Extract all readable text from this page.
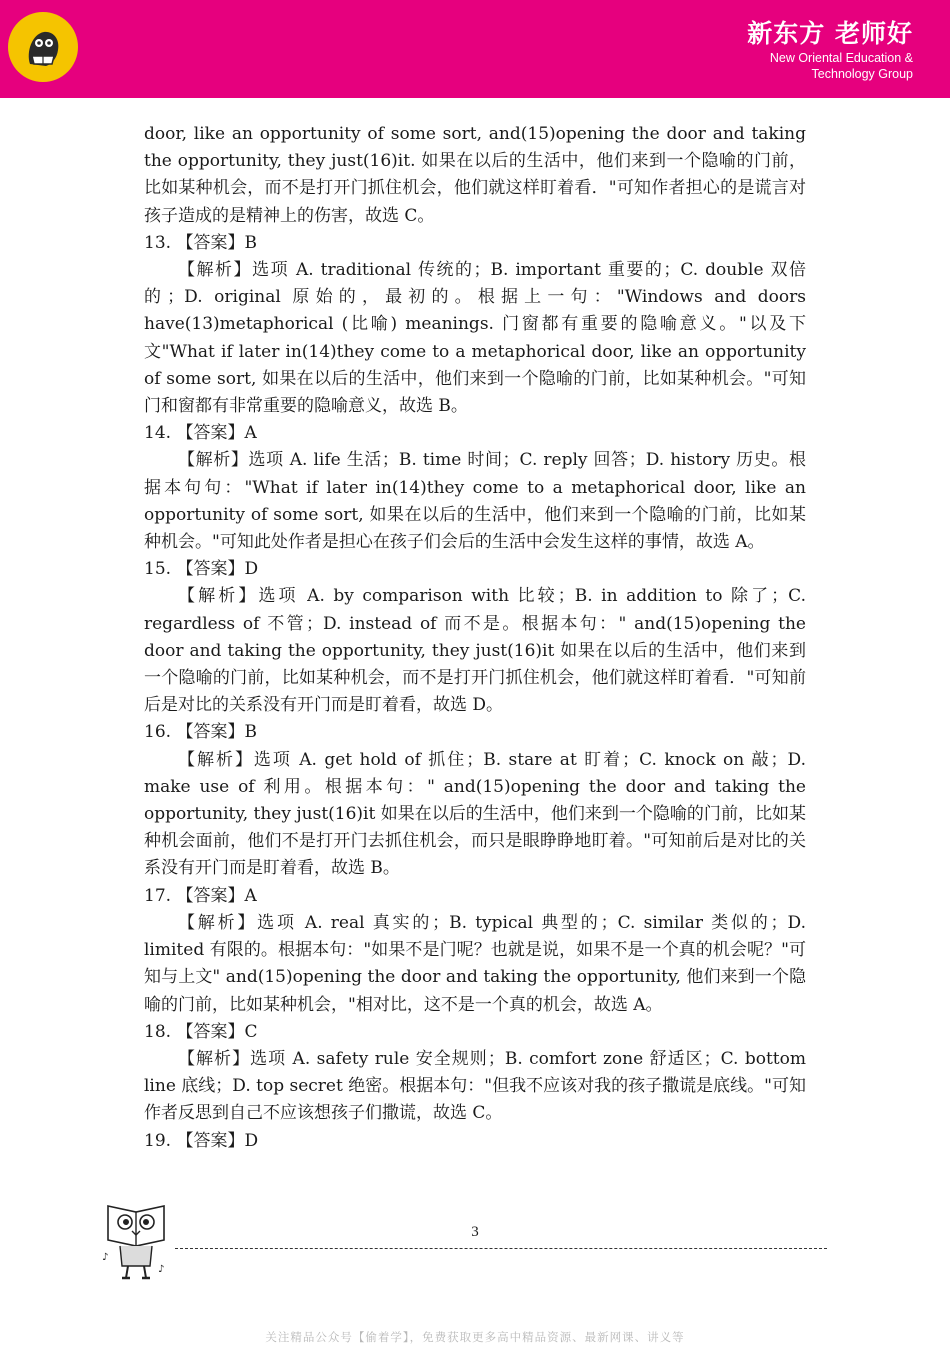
新东方 老师好
New Oriental Education &
Technology Group

door, like an opportunity of some sort, and(15)opening the door and taking the opportunity, they just(16)it. 如果在以后的生活中，他们来到一个隐喻的门前，比如某种机会，而不是打开门抓住机会，他们就这样盯着看．"可知作者担心的是谎言对孩子造成的是精神上的伤害，故选 C。

13. 【答案】B

【解析】选项 A. traditional 传统的；B. important 重要的；C. double 双倍的；D. original 原始的，最初的。根据上一句："Windows and doors have(13)metaphorical (比喻) meanings. 门窗都有重要的隐喻意义。"以及下文"What if later in(14)they come to a metaphorical door, like an opportunity of some sort, 如果在以后的生活中，他们来到一个隐喻的门前，比如某种机会。"可知门和窗都有非常重要的隐喻意义，故选 B。

14. 【答案】A

【解析】选项 A. life 生活；B. time 时间；C. reply 回答；D. history 历史。根据本句句："What if later in(14)they come to a metaphorical door, like an opportunity of some sort, 如果在以后的生活中，他们来到一个隐喻的门前，比如某种机会。"可知此处作者是担心在孩子们会后的生活中会发生这样的事情，故选 A。

15. 【答案】D

【解析】选项 A. by comparison with 比较；B. in addition to 除了；C. regardless of 不管；D. instead of 而不是。根据本句：" and(15)opening the door and taking the opportunity, they just(16)it 如果在以后的生活中，他们来到一个隐喻的门前，比如某种机会，而不是打开门抓住机会，他们就这样盯着看．"可知前后是对比的关系没有开门而是盯着看，故选 D。

16. 【答案】B

【解析】选项 A. get hold of 抓住；B. stare at 盯着；C. knock on 敲；D. make use of 利用。根据本句：" and(15)opening the door and taking the opportunity, they just(16)it 如果在以后的生活中，他们来到一个隐喻的门前，比如某种机会面前，他们不是打开门去抓住机会，而只是眼睁睁地盯着。"可知前后是对比的关系没有开门而是盯着看，故选 B。

17. 【答案】A

【解析】选项 A. real 真实的；B. typical 典型的；C. similar 类似的；D. limited 有限的。根据本句："如果不是门呢？也就是说，如果不是一个真的机会呢？"可知与上文" and(15)opening the door and taking the opportunity, 他们来到一个隐喻的门前，比如某种机会，"相对比，这不是一个真的机会，故选 A。

18. 【答案】C

【解析】选项 A. safety rule 安全规则；B. comfort zone 舒适区；C. bottom line 底线；D. top secret 绝密。根据本句："但我不应该对我的孩子撒谎是底线。"可知作者反思到自己不应该想孩子们撒谎，故选 C。

19. 【答案】D

♪
♪
3
关注精品公众号【偷着学】，免费获取更多高中精品资源、最新网课、讲义等
